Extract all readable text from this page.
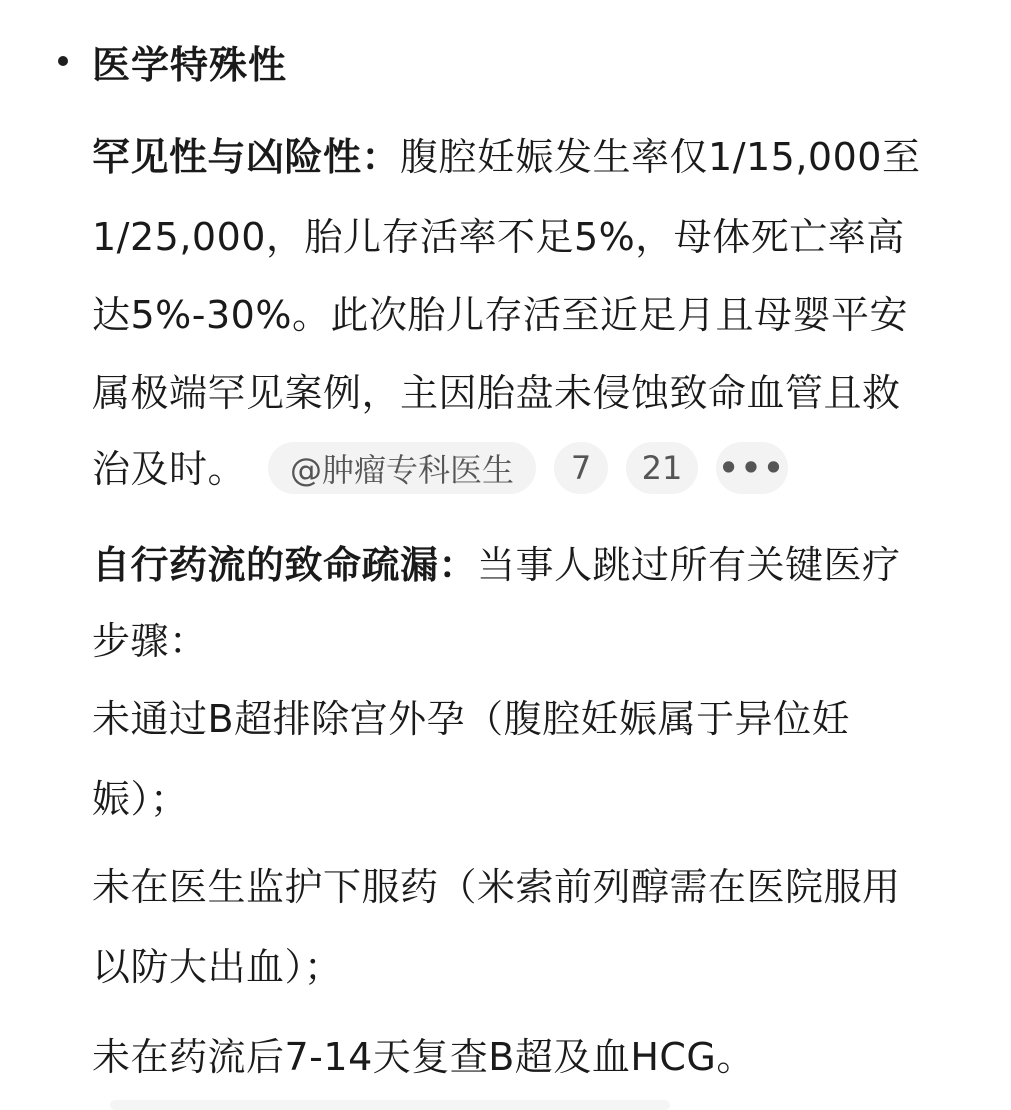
医学特殊性
罕见性与凶险性：腹腔妊娠发生率仅1/15,000至
1/25,000，胎儿存活率不足5%，母体死亡率高
达5%-30%。此次胎儿存活至近足月且母婴平安
属极端罕见案例，主因胎盘未侵蚀致命血管且救
治及时。	@肿瘤专科医生	7	21	•••
自行药流的致命疏漏：当事人跳过所有关键医疗
步骤：
未通过B超排除宫外孕（腹腔妊娠属于异位妊
娠）；
未在医生监护下服药（米索前列醇需在医院服用
以防大出血）；
未在药流后7-14天复查B超及血HCG。
